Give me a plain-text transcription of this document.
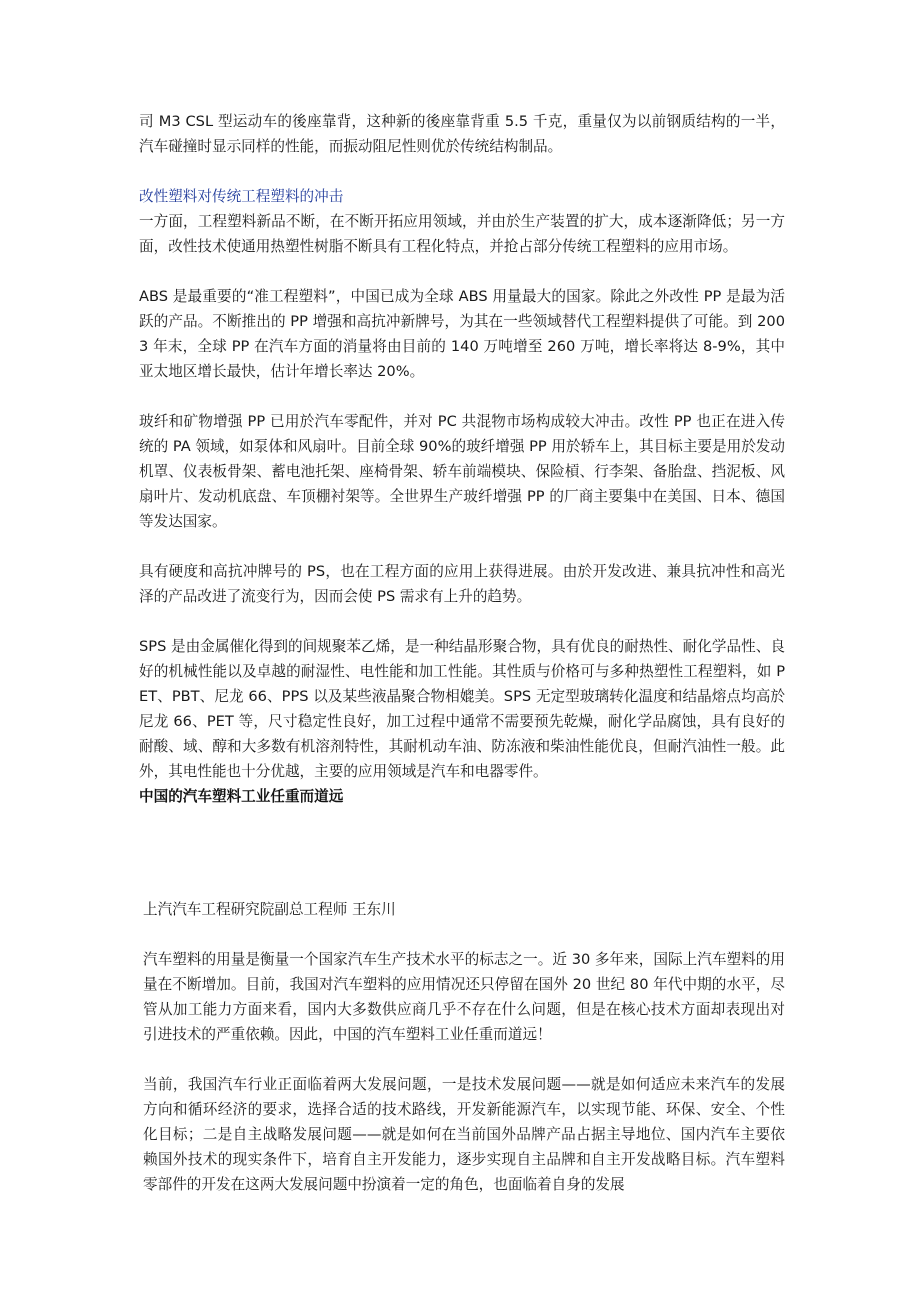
司 M3 CSL 型运动车的後座靠背，这种新的後座靠背重 5.5 千克，重量仅为以前钢质结构的一半，汽车碰撞时显示同样的性能，而振动阻尼性则优於传统结构制品。

改性塑料对传统工程塑料的冲击

一方面，工程塑料新品不断，在不断开拓应用领域，并由於生产装置的扩大，成本逐渐降低；另一方面，改性技术使通用热塑性树脂不断具有工程化特点，并抢占部分传统工程塑料的应用市场。

ABS 是最重要的“准工程塑料”，中国已成为全球 ABS 用量最大的国家。除此之外改性 PP 是最为活跃的产品。不断推出的 PP 增强和高抗冲新牌号，为其在一些领域替代工程塑料提供了可能。到 2003 年末，全球 PP 在汽车方面的消量将由目前的 140 万吨增至 260 万吨，增长率将达 8-9%，其中亚太地区增长最快，估计年增长率达 20%。

玻纤和矿物增强 PP 已用於汽车零配件，并对 PC 共混物市场构成较大冲击。改性 PP 也正在进入传统的 PA 领域，如泵体和风扇叶。目前全球 90%的玻纤增强 PP 用於轿车上，其目标主要是用於发动机罩、仪表板骨架、蓄电池托架、座椅骨架、轿车前端模块、保险槓、行李架、备胎盘、挡泥板、风扇叶片、发动机底盘、车顶棚衬架等。全世界生产玻纤增强 PP 的厂商主要集中在美国、日本、德国等发达国家。

具有硬度和高抗冲牌号的 PS，也在工程方面的应用上获得进展。由於开发改进、兼具抗冲性和高光泽的产品改进了流变行为，因而会使 PS 需求有上升的趋势。

SPS 是由金属催化得到的间规聚苯乙烯，是一种结晶形聚合物，具有优良的耐热性、耐化学品性、良好的机械性能以及卓越的耐湿性、电性能和加工性能。其性质与价格可与多种热塑性工程塑料，如 PET、PBT、尼龙 66、PPS 以及某些液晶聚合物相媲美。SPS 无定型玻璃转化温度和结晶熔点均高於尼龙 66、PET 等，尺寸稳定性良好，加工过程中通常不需要预先乾燥，耐化学品腐蚀，具有良好的耐酸、域、醇和大多数有机溶剂特性，其耐机动车油、防冻液和柴油性能优良，但耐汽油性一般。此外，其电性能也十分优越，主要的应用领域是汽车和电器零件。

中国的汽车塑料工业任重而道远

上汽汽车工程研究院副总工程师 王东川

汽车塑料的用量是衡量一个国家汽车生产技术水平的标志之一。近 30 多年来，国际上汽车塑料的用量在不断增加。目前，我国对汽车塑料的应用情况还只停留在国外 20 世纪 80 年代中期的水平，尽管从加工能力方面来看，国内大多数供应商几乎不存在什么问题，但是在核心技术方面却表现出对引进技术的严重依赖。因此，中国的汽车塑料工业任重而道远！

当前，我国汽车行业正面临着两大发展问题，一是技术发展问题——就是如何适应未来汽车的发展方向和循环经济的要求，选择合适的技术路线，开发新能源汽车，以实现节能、环保、安全、个性化目标；二是自主战略发展问题——就是如何在当前国外品牌产品占据主导地位、国内汽车主要依赖国外技术的现实条件下，培育自主开发能力，逐步实现自主品牌和自主开发战略目标。汽车塑料零部件的开发在这两大发展问题中扮演着一定的角色，也面临着自身的发展
